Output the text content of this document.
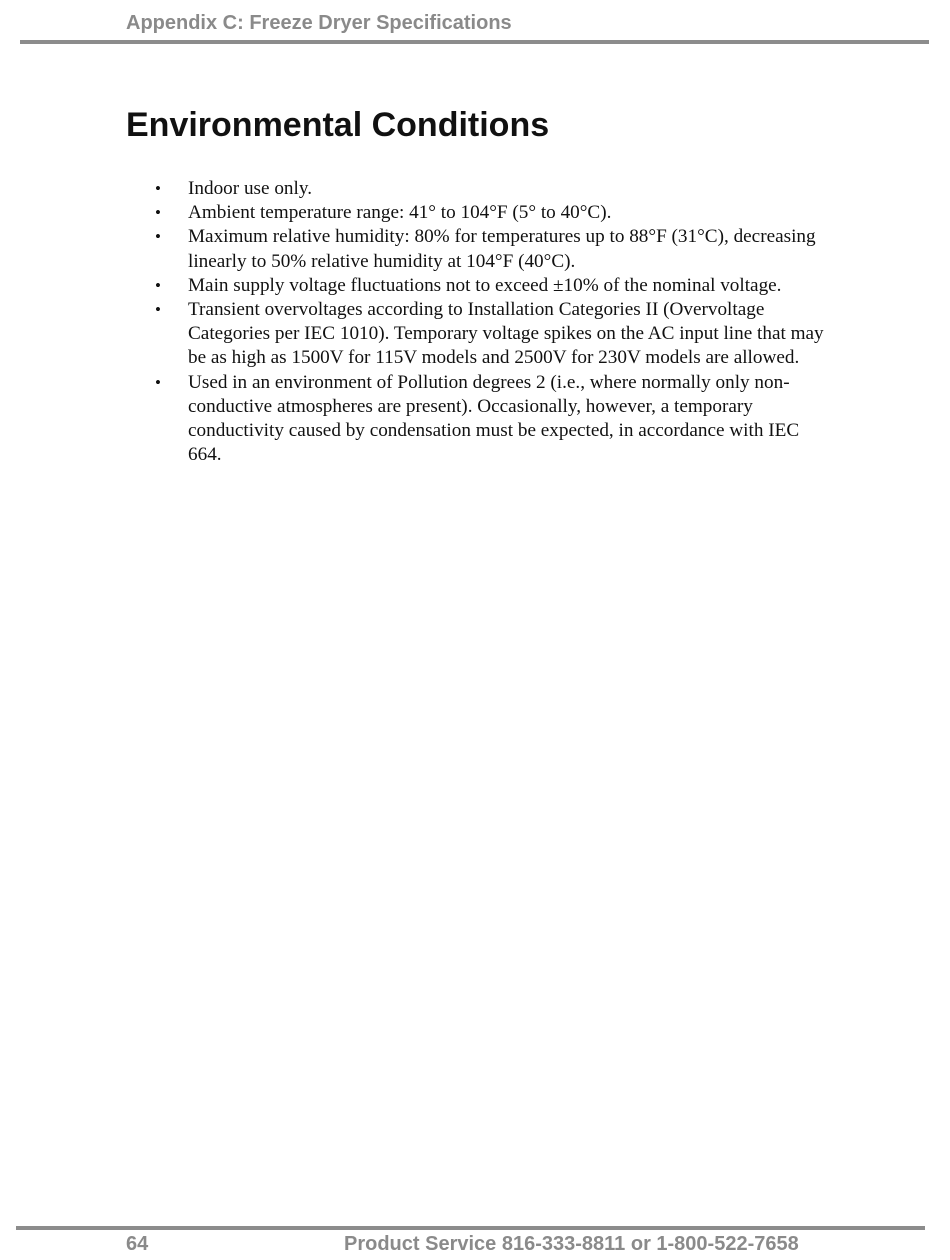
Appendix C: Freeze Dryer Specifications
Environmental Conditions
• Indoor use only.
• Ambient temperature range: 41° to 104°F (5° to 40°C).
• Maximum relative humidity: 80% for temperatures up to 88°F (31°C), decreasing linearly to 50% relative humidity at 104°F (40°C).
• Main supply voltage fluctuations not to exceed ±10% of the nominal voltage.
• Transient overvoltages according to Installation Categories II (Overvoltage Categories per IEC 1010). Temporary voltage spikes on the AC input line that may be as high as 1500V for 115V models and 2500V for 230V models are allowed.
• Used in an environment of Pollution degrees 2 (i.e., where normally only non-conductive atmospheres are present). Occasionally, however, a temporary conductivity caused by condensation must be expected, in accordance with IEC 664.
64	Product Service 816-333-8811 or 1-800-522-7658
